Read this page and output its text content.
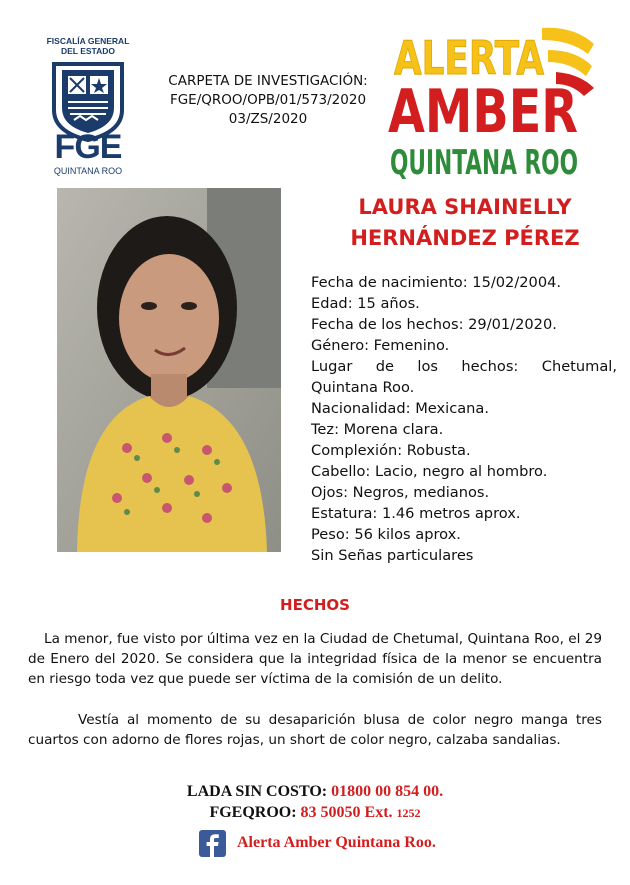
FISCALÍA GENERAL
DEL ESTADO
FGE
QUINTANA ROO
CARPETA DE INVESTIGACIÓN:
FGE/QROO/OPB/01/573/2020
03/ZS/2020
ALERTA
AMBER
QUINTANA ROO
LAURA SHAINELLY
HERNÁNDEZ PÉREZ
Fecha de nacimiento: 15/02/2004.
Edad: 15 años.
Fecha de los hechos: 29/01/2020.
Género: Femenino.
Lugar de los hechos: Chetumal,
Quintana Roo.
Nacionalidad: Mexicana.
Tez: Morena clara.
Complexión: Robusta.
Cabello: Lacio, negro al hombro.
Ojos: Negros, medianos.
Estatura: 1.46 metros aprox.
Peso: 56 kilos aprox.
Sin Señas particulares
HECHOS

La menor, fue visto por última vez en la Ciudad de Chetumal, Quintana Roo, el 29 de Enero del 2020. Se considera que la integridad física de la menor se encuentra en riesgo toda vez que puede ser víctima de la comisión de un delito.

Vestía al momento de su desaparición blusa de color negro manga tres cuartos con adorno de flores rojas, un short de color negro, calzaba sandalias.

LADA SIN COSTO: 01800 00 854 00.
FGEQROO: 83 50050 Ext. 1252
Alerta Amber Quintana Roo.
